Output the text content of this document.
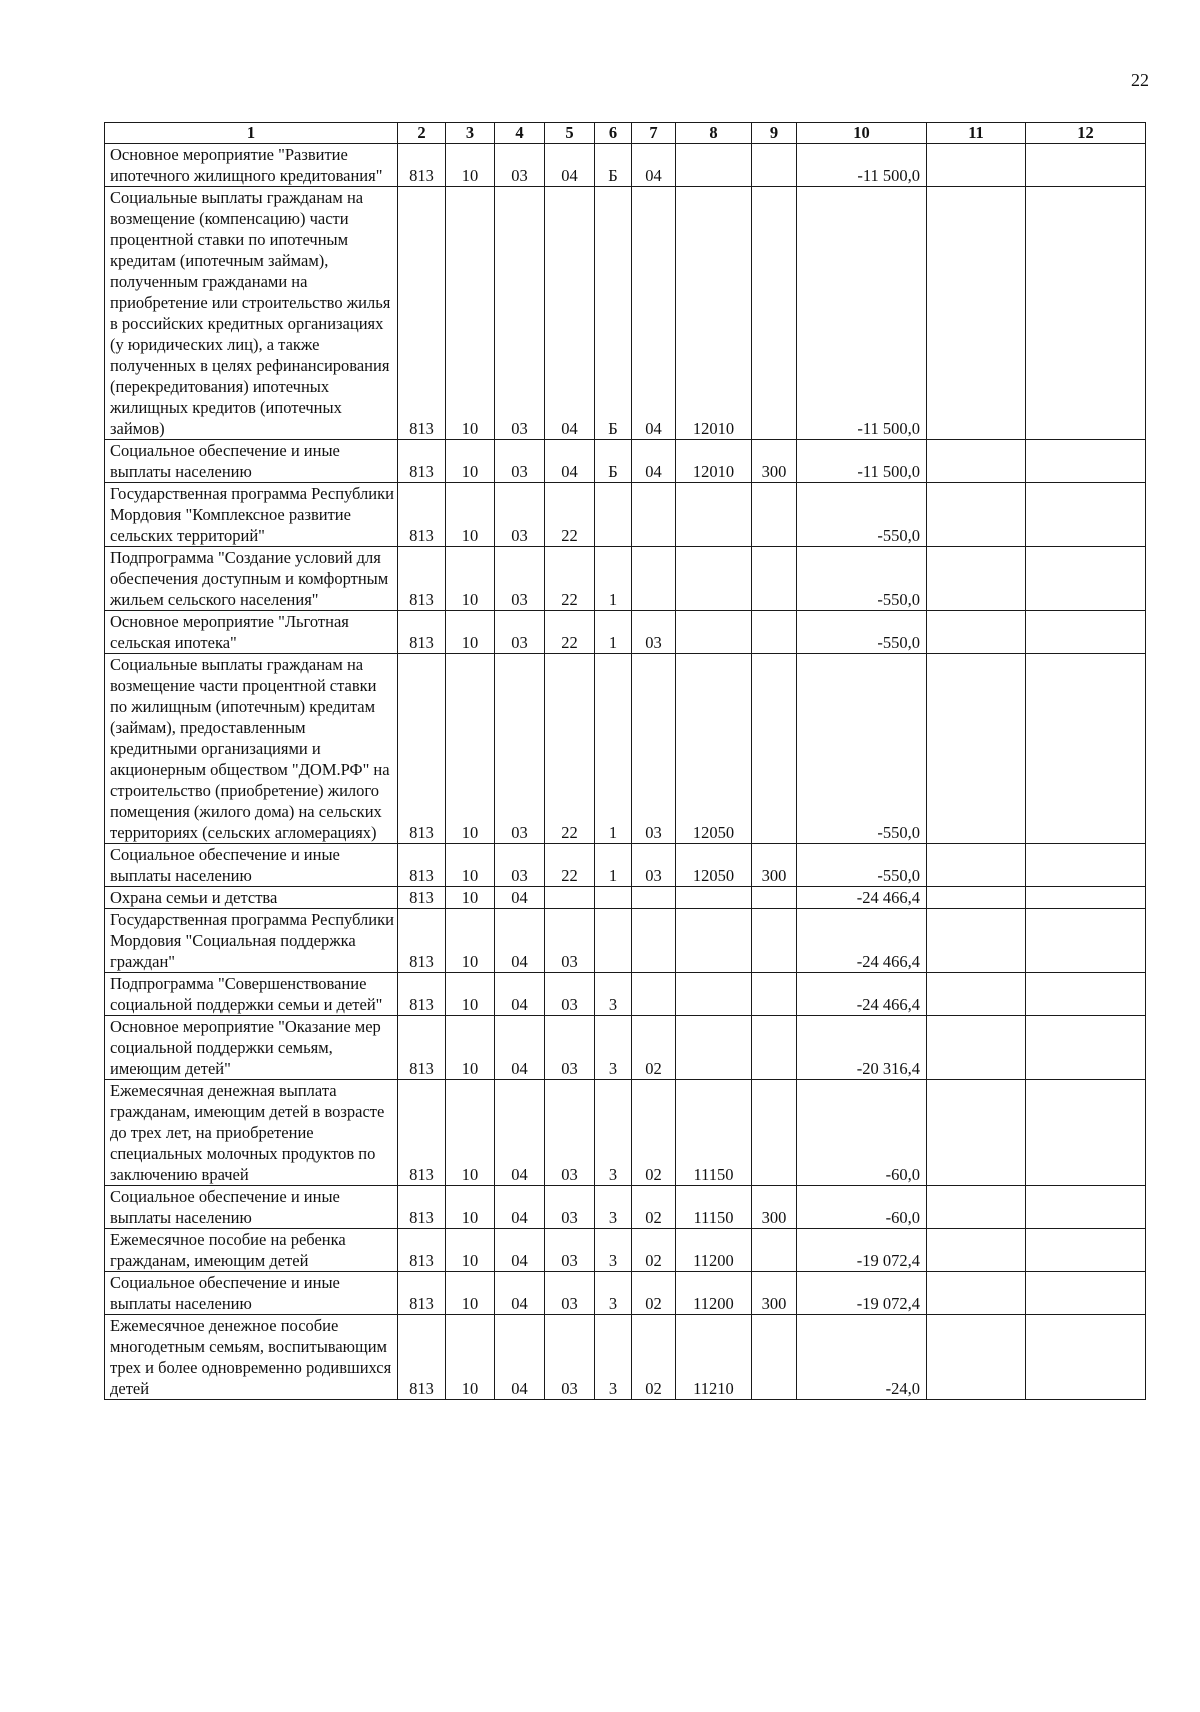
22
1	2	3	4	5	6	7	8	9	10	11	12
Основное мероприятие "Развитие ипотечного жилищного кредитования"	813	10	03	04	Б	04			-11 500,0		
Социальные выплаты гражданам на возмещение (компенсацию) части процентной ставки по ипотечным кредитам (ипотечным займам), полученным гражданами на приобретение или строительство жилья в российских кредитных организациях (у юридических лиц), а также полученных в целях рефинансирования (перекредитования) ипотечных жилищных кредитов (ипотечных займов)	813	10	03	04	Б	04	12010		-11 500,0		
Социальное обеспечение и иные выплаты населению	813	10	03	04	Б	04	12010	300	-11 500,0		
Государственная программа Республики Мордовия "Комплексное развитие сельских территорий"	813	10	03	22					-550,0		
Подпрограмма "Создание условий для обеспечения доступным и комфортным жильем сельского населения"	813	10	03	22	1				-550,0		
Основное мероприятие "Льготная сельская ипотека"	813	10	03	22	1	03			-550,0		
Социальные выплаты гражданам на возмещение части процентной ставки по жилищным (ипотечным) кредитам (займам), предоставленным кредитными организациями и акционерным обществом "ДОМ.РФ" на строительство (приобретение) жилого помещения (жилого дома) на сельских территориях (сельских агломерациях)	813	10	03	22	1	03	12050		-550,0		
Социальное обеспечение и иные выплаты населению	813	10	03	22	1	03	12050	300	-550,0		
Охрана семьи и детства	813	10	04						-24 466,4		
Государственная программа Республики Мордовия "Социальная поддержка граждан"	813	10	04	03					-24 466,4		
Подпрограмма "Совершенствование социальной поддержки семьи и детей"	813	10	04	03	3				-24 466,4		
Основное мероприятие "Оказание мер социальной поддержки семьям, имеющим детей"	813	10	04	03	3	02			-20 316,4		
Ежемесячная денежная выплата гражданам, имеющим детей в возрасте до трех лет, на приобретение специальных молочных продуктов по заключению врачей	813	10	04	03	3	02	11150		-60,0		
Социальное обеспечение и иные выплаты населению	813	10	04	03	3	02	11150	300	-60,0		
Ежемесячное пособие на ребенка гражданам, имеющим детей	813	10	04	03	3	02	11200		-19 072,4		
Социальное обеспечение и иные выплаты населению	813	10	04	03	3	02	11200	300	-19 072,4		
Ежемесячное денежное пособие многодетным семьям, воспитывающим трех и более одновременно родившихся детей	813	10	04	03	3	02	11210		-24,0		
